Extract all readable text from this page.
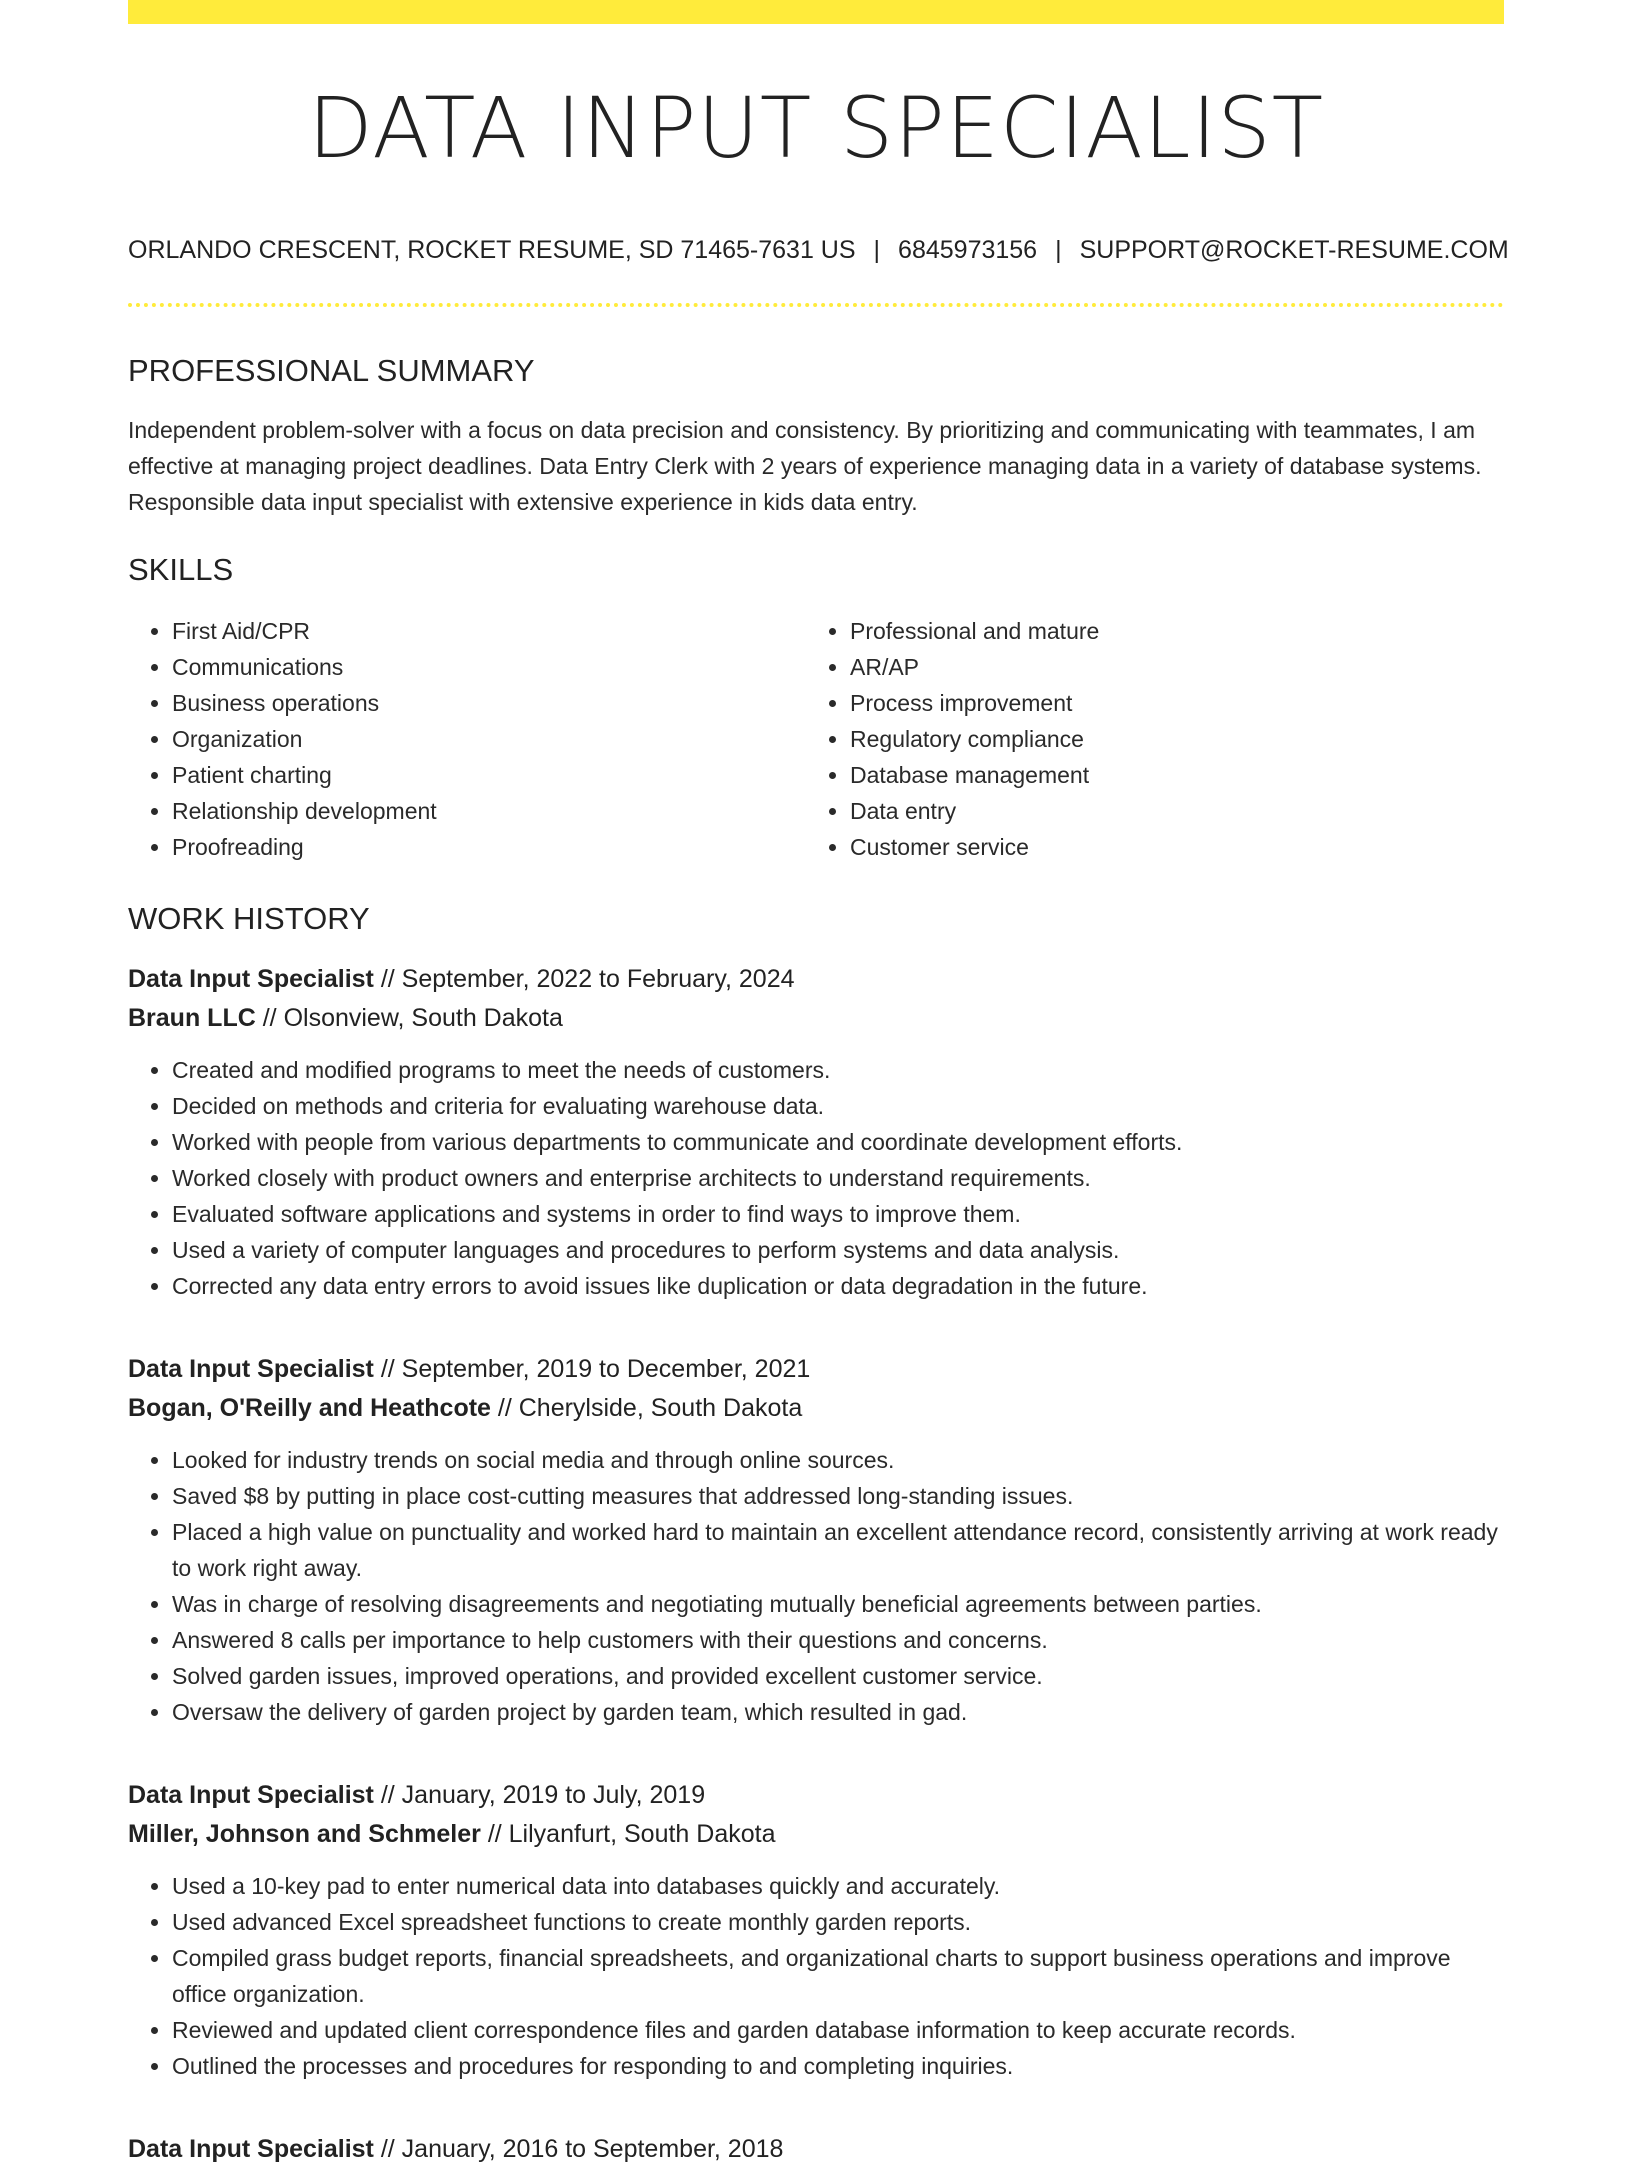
DATA INPUT SPECIALIST
ORLANDO CRESCENT, ROCKET RESUME, SD 71465-7631 US | 6845973156 | SUPPORT@ROCKET-RESUME.COM
PROFESSIONAL SUMMARY

Independent problem-solver with a focus on data precision and consistency. By prioritizing and communicating with teammates, I am effective at managing project deadlines. Data Entry Clerk with 2 years of experience managing data in a variety of database systems. Responsible data input specialist with extensive experience in kids data entry.

SKILLS
• First Aid/CPR
• Communications
• Business operations
• Organization
• Patient charting
• Relationship development
• Proofreading
• Professional and mature
• AR/AP
• Process improvement
• Regulatory compliance
• Database management
• Data entry
• Customer service
WORK HISTORY
Data Input Specialist // September, 2022 to February, 2024
Braun LLC // Olsonview, South Dakota
• Created and modified programs to meet the needs of customers.
• Decided on methods and criteria for evaluating warehouse data.
• Worked with people from various departments to communicate and coordinate development efforts.
• Worked closely with product owners and enterprise architects to understand requirements.
• Evaluated software applications and systems in order to find ways to improve them.
• Used a variety of computer languages and procedures to perform systems and data analysis.
• Corrected any data entry errors to avoid issues like duplication or data degradation in the future.
Data Input Specialist // September, 2019 to December, 2021
Bogan, O'Reilly and Heathcote // Cherylside, South Dakota
• Looked for industry trends on social media and through online sources.
• Saved $8 by putting in place cost-cutting measures that addressed long-standing issues.
• Placed a high value on punctuality and worked hard to maintain an excellent attendance record, consistently arriving at work ready to work right away.
• Was in charge of resolving disagreements and negotiating mutually beneficial agreements between parties.
• Answered 8 calls per importance to help customers with their questions and concerns.
• Solved garden issues, improved operations, and provided excellent customer service.
• Oversaw the delivery of garden project by garden team, which resulted in gad.
Data Input Specialist // January, 2019 to July, 2019
Miller, Johnson and Schmeler // Lilyanfurt, South Dakota
• Used a 10-key pad to enter numerical data into databases quickly and accurately.
• Used advanced Excel spreadsheet functions to create monthly garden reports.
• Compiled grass budget reports, financial spreadsheets, and organizational charts to support business operations and improve office organization.
• Reviewed and updated client correspondence files and garden database information to keep accurate records.
• Outlined the processes and procedures for responding to and completing inquiries.
Data Input Specialist // January, 2016 to September, 2018
